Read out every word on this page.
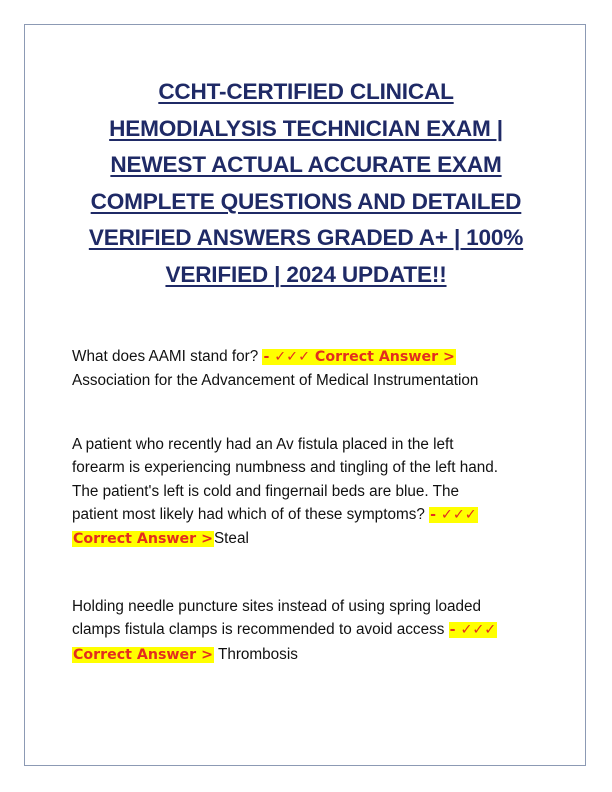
CCHT-CERTIFIED CLINICAL
HEMODIALYSIS TECHNICIAN EXAM |
NEWEST ACTUAL ACCURATE EXAM
COMPLETE QUESTIONS AND DETAILED
VERIFIED ANSWERS GRADED A+ | 100%
VERIFIED | 2024 UPDATE!!
What does AAMI stand for? - ✓✓✓ Correct Answer >
Association for the Advancement of Medical Instrumentation
A patient who recently had an Av fistula placed in the left
forearm is experiencing numbness and tingling of the left hand.
The patient's left is cold and fingernail beds are blue. The
patient most likely had which of of these symptoms? - ✓✓✓
Correct Answer >Steal
Holding needle puncture sites instead of using spring loaded
clamps fistula clamps is recommended to avoid access - ✓✓✓
Correct Answer > Thrombosis
